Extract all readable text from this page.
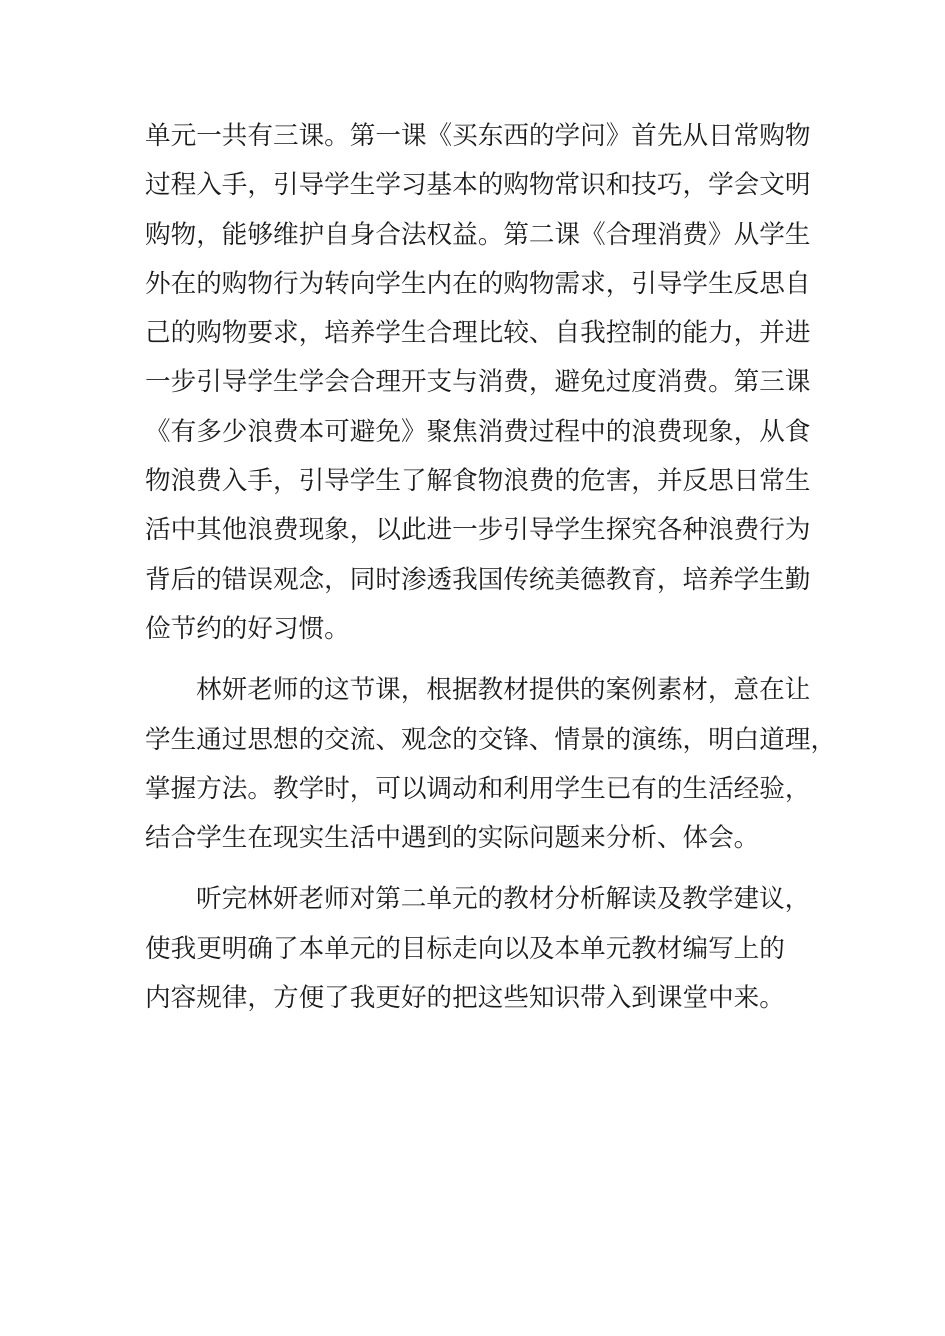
单元一共有三课。第一课《买东西的学问》首先从日常购物
过程入手，引导学生学习基本的购物常识和技巧，学会文明
购物，能够维护自身合法权益。第二课《合理消费》从学生
外在的购物行为转向学生内在的购物需求，引导学生反思自
己的购物要求，培养学生合理比较、自我控制的能力，并进
一步引导学生学会合理开支与消费，避免过度消费。第三课
《有多少浪费本可避免》聚焦消费过程中的浪费现象，从食
物浪费入手，引导学生了解食物浪费的危害，并反思日常生
活中其他浪费现象，以此进一步引导学生探究各种浪费行为
背后的错误观念，同时渗透我国传统美德教育，培养学生勤
俭节约的好习惯。
林妍老师的这节课，根据教材提供的案例素材，意在让
学生通过思想的交流、观念的交锋、情景的演练，明白道理，
掌握方法。教学时，可以调动和利用学生已有的生活经验，
结合学生在现实生活中遇到的实际问题来分析、体会。
听完林妍老师对第二单元的教材分析解读及教学建议，
使我更明确了本单元的目标走向以及本单元教材编写上的
内容规律，方便了我更好的把这些知识带入到课堂中来。
